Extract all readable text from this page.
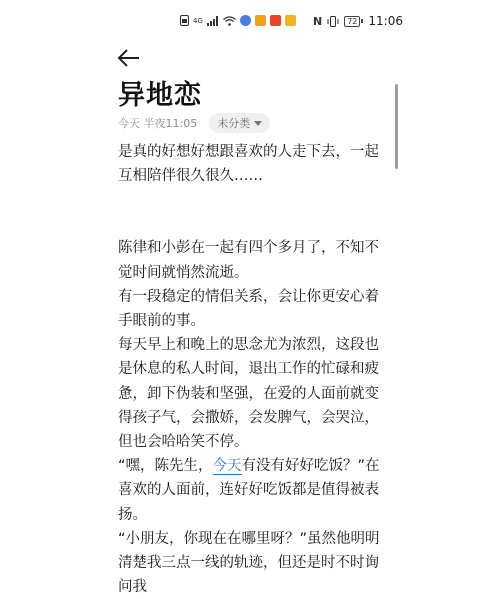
4G	N	72 11:06
异地恋
今天 半夜11:05 未分类

是真的好想好想跟喜欢的人走下去，一起互相陪伴很久很久……

陈律和小彭在一起有四个多月了，不知不觉时间就悄然流逝。

有一段稳定的情侣关系，会让你更安心着手眼前的事。

每天早上和晚上的思念尤为浓烈，这段也是休息的私人时间，退出工作的忙碌和疲惫，卸下伪装和坚强，在爱的人面前就变得孩子气，会撒娇，会发脾气，会哭泣，但也会哈哈笑不停。

“嘿，陈先生，今天有没有好好吃饭？”在喜欢的人面前，连好好吃饭都是值得被表扬。

“小朋友，你现在在哪里呀？”虽然他明明清楚我三点一线的轨迹，但还是时不时询问我
